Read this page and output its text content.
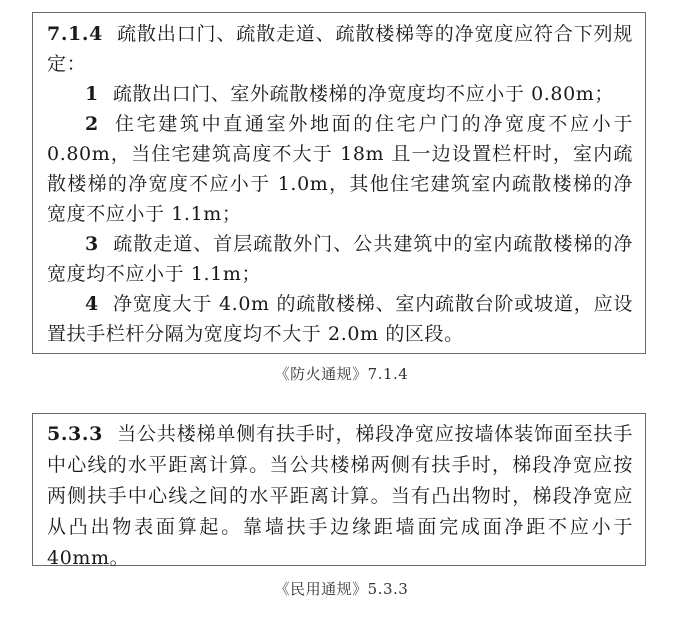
7.1.4 疏散出口门、疏散走道、疏散楼梯等的净宽度应符合下列规定：

1 疏散出口门、室外疏散楼梯的净宽度均不应小于 0.80m；

2 住宅建筑中直通室外地面的住宅户门的净宽度不应小于 0.80m，当住宅建筑高度不大于 18m 且一边设置栏杆时，室内疏散楼梯的净宽度不应小于 1.0m，其他住宅建筑室内疏散楼梯的净宽度不应小于 1.1m；

3 疏散走道、首层疏散外门、公共建筑中的室内疏散楼梯的净宽度均不应小于 1.1m；

4 净宽度大于 4.0m 的疏散楼梯、室内疏散台阶或坡道，应设置扶手栏杆分隔为宽度均不大于 2.0m 的区段。

《防火通规》7.1.4

5.3.3 当公共楼梯单侧有扶手时，梯段净宽应按墙体装饰面至扶手中心线的水平距离计算。当公共楼梯两侧有扶手时，梯段净宽应按两侧扶手中心线之间的水平距离计算。当有凸出物时，梯段净宽应从凸出物表面算起。靠墙扶手边缘距墙面完成面净距不应小于 40mm。

《民用通规》5.3.3
